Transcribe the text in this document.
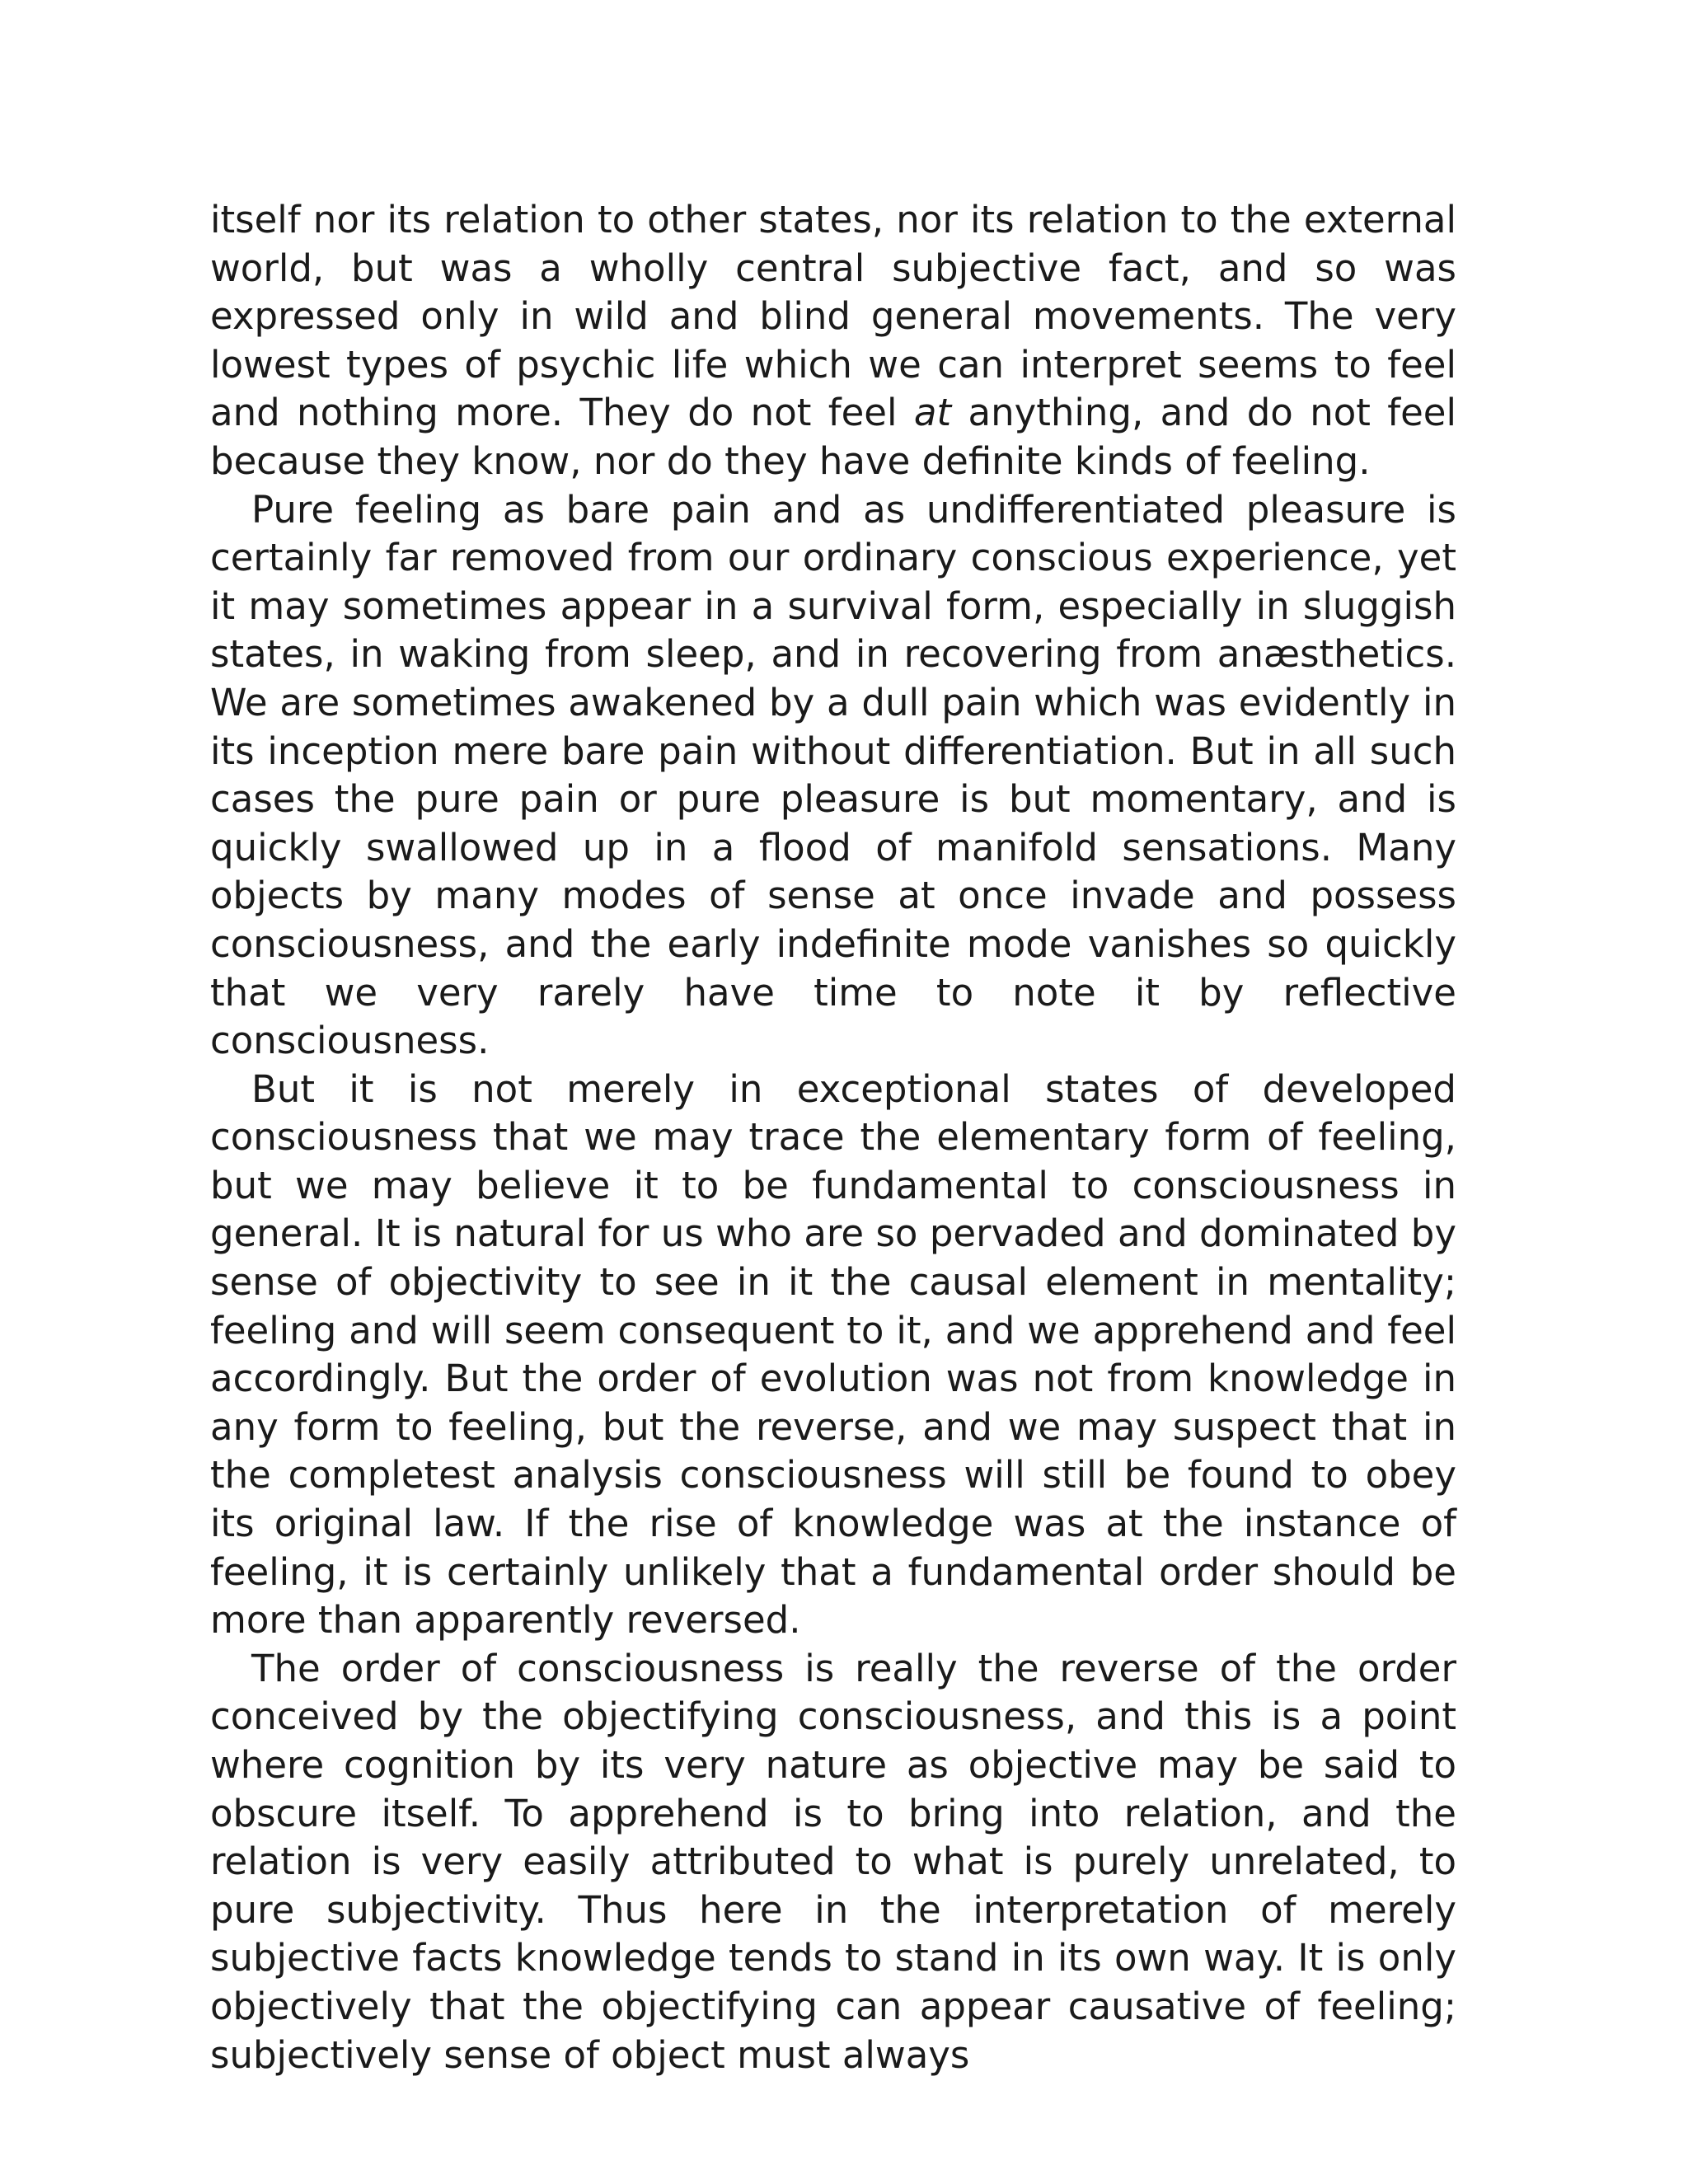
itself nor its relation to other states, nor its relation to the external world, but was a wholly central subjective fact, and so was expressed only in wild and blind general movements. The very lowest types of psychic life which we can interpret seems to feel and nothing more. They do not feel at anything, and do not feel because they know, nor do they have definite kinds of feeling.

Pure feeling as bare pain and as undifferentiated pleasure is certainly far removed from our ordinary conscious experience, yet it may sometimes appear in a survival form, especially in sluggish states, in waking from sleep, and in recovering from anæsthetics. We are sometimes awakened by a dull pain which was evidently in its inception mere bare pain without differentiation. But in all such cases the pure pain or pure pleasure is but momentary, and is quickly swallowed up in a flood of manifold sensations. Many objects by many modes of sense at once invade and possess consciousness, and the early indefinite mode vanishes so quickly that we very rarely have time to note it by reflective consciousness.

But it is not merely in exceptional states of developed consciousness that we may trace the elementary form of feeling, but we may believe it to be fundamental to consciousness in general. It is natural for us who are so pervaded and dominated by sense of objectivity to see in it the causal element in mentality; feeling and will seem consequent to it, and we apprehend and feel accordingly. But the order of evolution was not from knowledge in any form to feeling, but the reverse, and we may suspect that in the completest analysis consciousness will still be found to obey its original law. If the rise of knowledge was at the instance of feeling, it is certainly unlikely that a fundamental order should be more than apparently reversed.

The order of consciousness is really the reverse of the order conceived by the objectifying consciousness, and this is a point where cognition by its very nature as objective may be said to obscure itself. To apprehend is to bring into relation, and the relation is very easily attributed to what is purely unrelated, to pure subjectivity. Thus here in the interpretation of merely subjective facts knowledge tends to stand in its own way. It is only objectively that the objectifying can appear causative of feeling; subjectively sense of object must always
